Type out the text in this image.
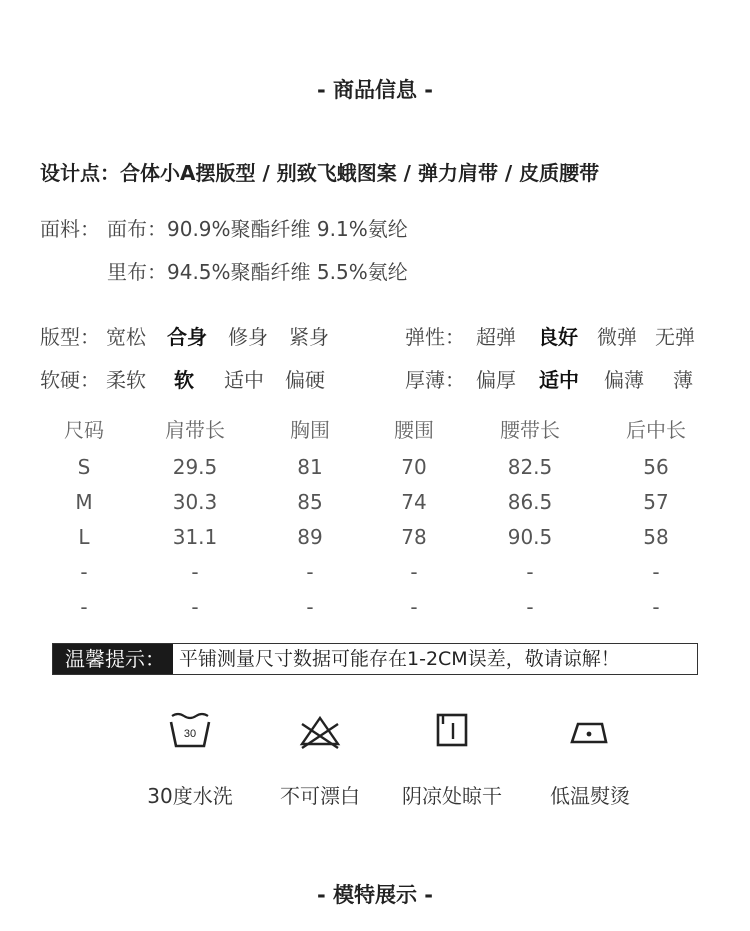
- 商品信息 -
设计点：合体小A摆版型 / 别致飞蛾图案 / 弹力肩带 / 皮质腰带
面料： 面布：90.9%聚酯纤维 9.1%氨纶
里布：94.5%聚酯纤维 5.5%氨纶
版型： 宽松 合身 修身 紧身	弹性： 超弹 良好 微弹 无弹
软硬： 柔软 软 适中 偏硬	厚薄： 偏厚 适中 偏薄 薄
尺码	肩带长	胸围	腰围	腰带长	后中长
S	29.5	81	70	82.5	56
M	30.3	85	74	86.5	57
L	31.1	89	78	90.5	58
-	-	-	-	-	-
-	-	-	-	-	-
温馨提示： 平铺测量尺寸数据可能存在1-2CM误差，敬请谅解！
30
30度水洗	不可漂白	阴凉处晾干	低温熨烫
- 模特展示 -
